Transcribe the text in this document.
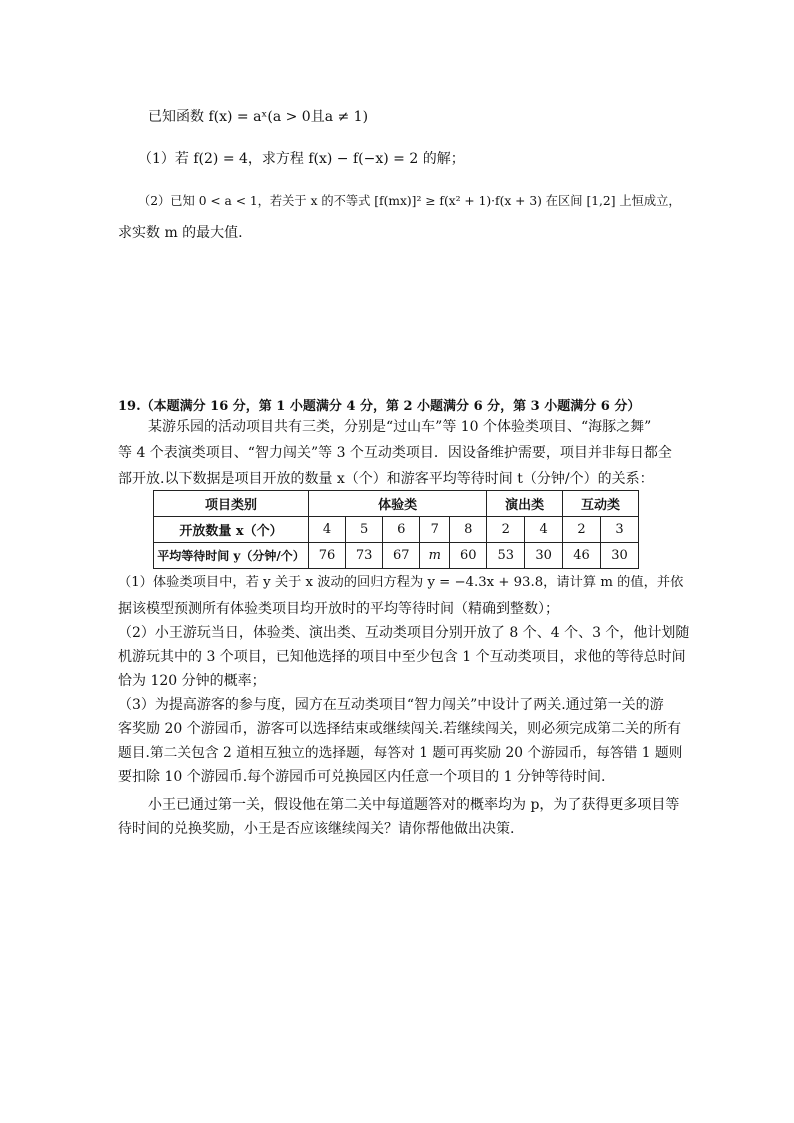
已知函数 f(x) = aˣ(a > 0且a ≠ 1)
（1）若 f(2) = 4，求方程 f(x) − f(−x) = 2 的解；
（2）已知 0 < a < 1，若关于 x 的不等式 [f(mx)]² ≥ f(x² + 1)·f(x + 3) 在区间 [1,2] 上恒成立，
求实数 m 的最大值.
19.（本题满分 16 分，第 1 小题满分 4 分，第 2 小题满分 6 分，第 3 小题满分 6 分）
某游乐园的活动项目共有三类，分别是“过山车”等 10 个体验类项目、“海豚之舞”
等 4 个表演类项目、“智力闯关”等 3 个互动类项目．因设备维护需要，项目并非每日都全
部开放.以下数据是项目开放的数量 x（个）和游客平均等待时间 t（分钟/个）的关系：
项目类别	体验类					演出类		互动类	
开放数量 x（个）	4	5	6	7	8	2	4	2	3
平均等待时间 y（分钟/个）	76	73	67	m	60	53	30	46	30
（1）体验类项目中，若 y 关于 x 波动的回归方程为 y = −4.3x + 93.8，请计算 m 的值，并依
据该模型预测所有体验类项目均开放时的平均等待时间（精确到整数）；
（2）小王游玩当日，体验类、演出类、互动类项目分别开放了 8 个、4 个、3 个，他计划随
机游玩其中的 3 个项目，已知他选择的项目中至少包含 1 个互动类项目，求他的等待总时间
恰为 120 分钟的概率；
（3）为提高游客的参与度，园方在互动类项目“智力闯关”中设计了两关.通过第一关的游
客奖励 20 个游园币，游客可以选择结束或继续闯关.若继续闯关，则必须完成第二关的所有
题目.第二关包含 2 道相互独立的选择题，每答对 1 题可再奖励 20 个游园币，每答错 1 题则
要扣除 10 个游园币.每个游园币可兑换园区内任意一个项目的 1 分钟等待时间.
小王已通过第一关，假设他在第二关中每道题答对的概率均为 p，为了获得更多项目等
待时间的兑换奖励，小王是否应该继续闯关？请你帮他做出决策.
